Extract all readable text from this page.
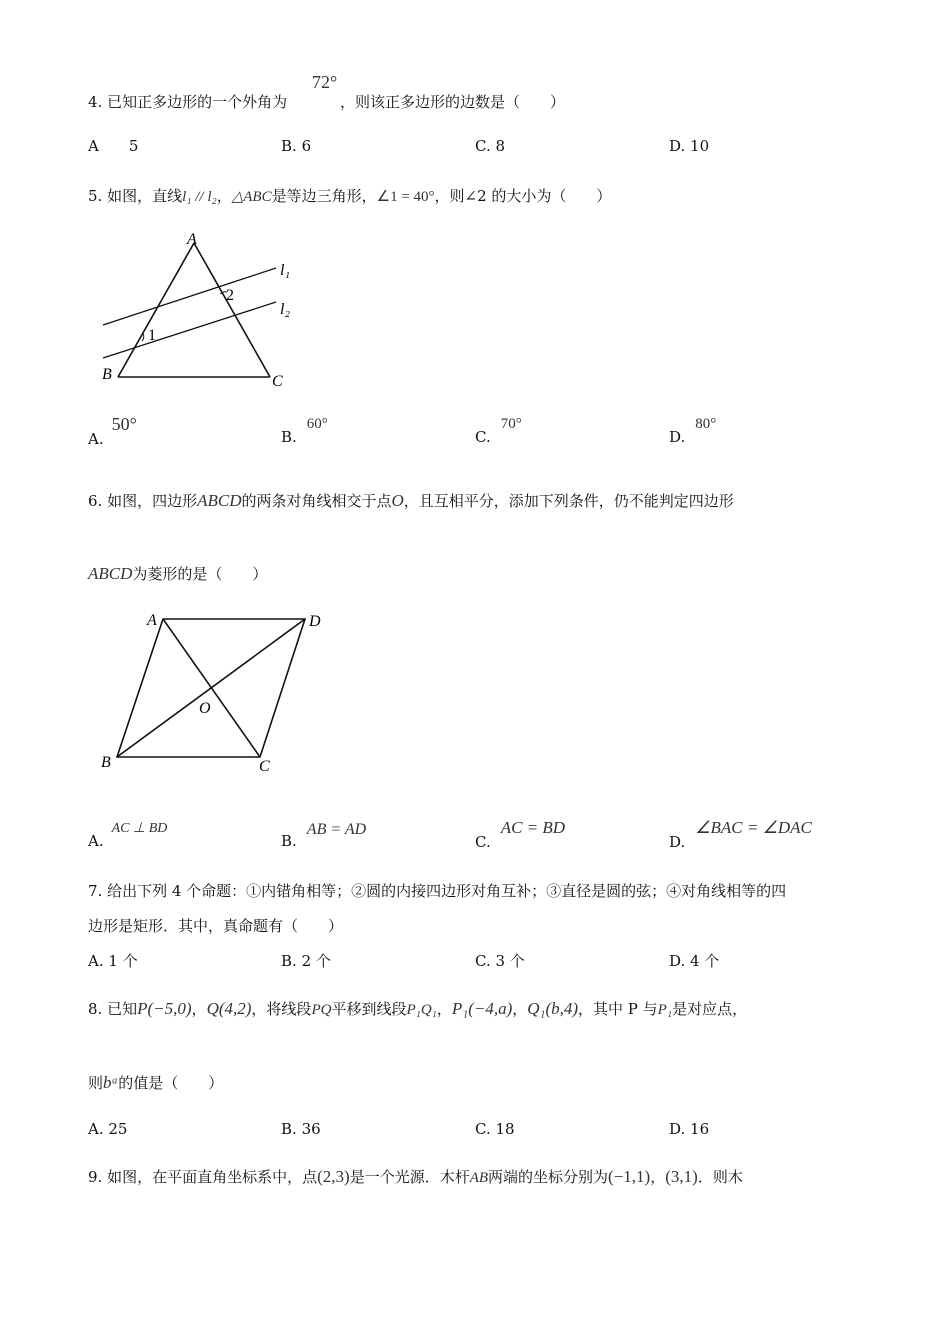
4. 已知正多边形的一个外角为
72°
，则该正多边形的边数是（　　）
A 5	B. 6	C. 8	D. 10
5. 如图，直线l₁ // l₂，△ABC是等边三角形，∠1 = 40°，则∠2 的大小为（　　）
A
B	C
l₁
l₂
1
2
A.50°
B.60°
C.70°
D.80°
6. 如图，四边形ABCD的两条对角线相交于点O，且互相平分，添加下列条件，仍不能判定四边形
ABCD为菱形的是（　　）
A	D
B	C
O
A.AC ⊥ BD
B.AB = AD
C.AC = BD
D.∠BAC = ∠DAC
7. 给出下列 4 个命题：①内错角相等；②圆的内接四边形对角互补；③直径是圆的弦；④对角线相等的四
边形是矩形．其中，真命题有（　　）
A. 1 个	B. 2 个	C. 3 个	D. 4 个
8. 已知P(−5,0)，Q(4,2)，将线段PQ平移到线段P₁Q₁，P₁(−4,a)，Q₁(b,4)，其中 P 与P₁是对应点，
则bᵃ的值是（　　）
A. 25	B. 36	C. 18	D. 16
9. 如图，在平面直角坐标系中，点(2,3)是一个光源．木杆AB两端的坐标分别为(−1,1)，(3,1)．则木
